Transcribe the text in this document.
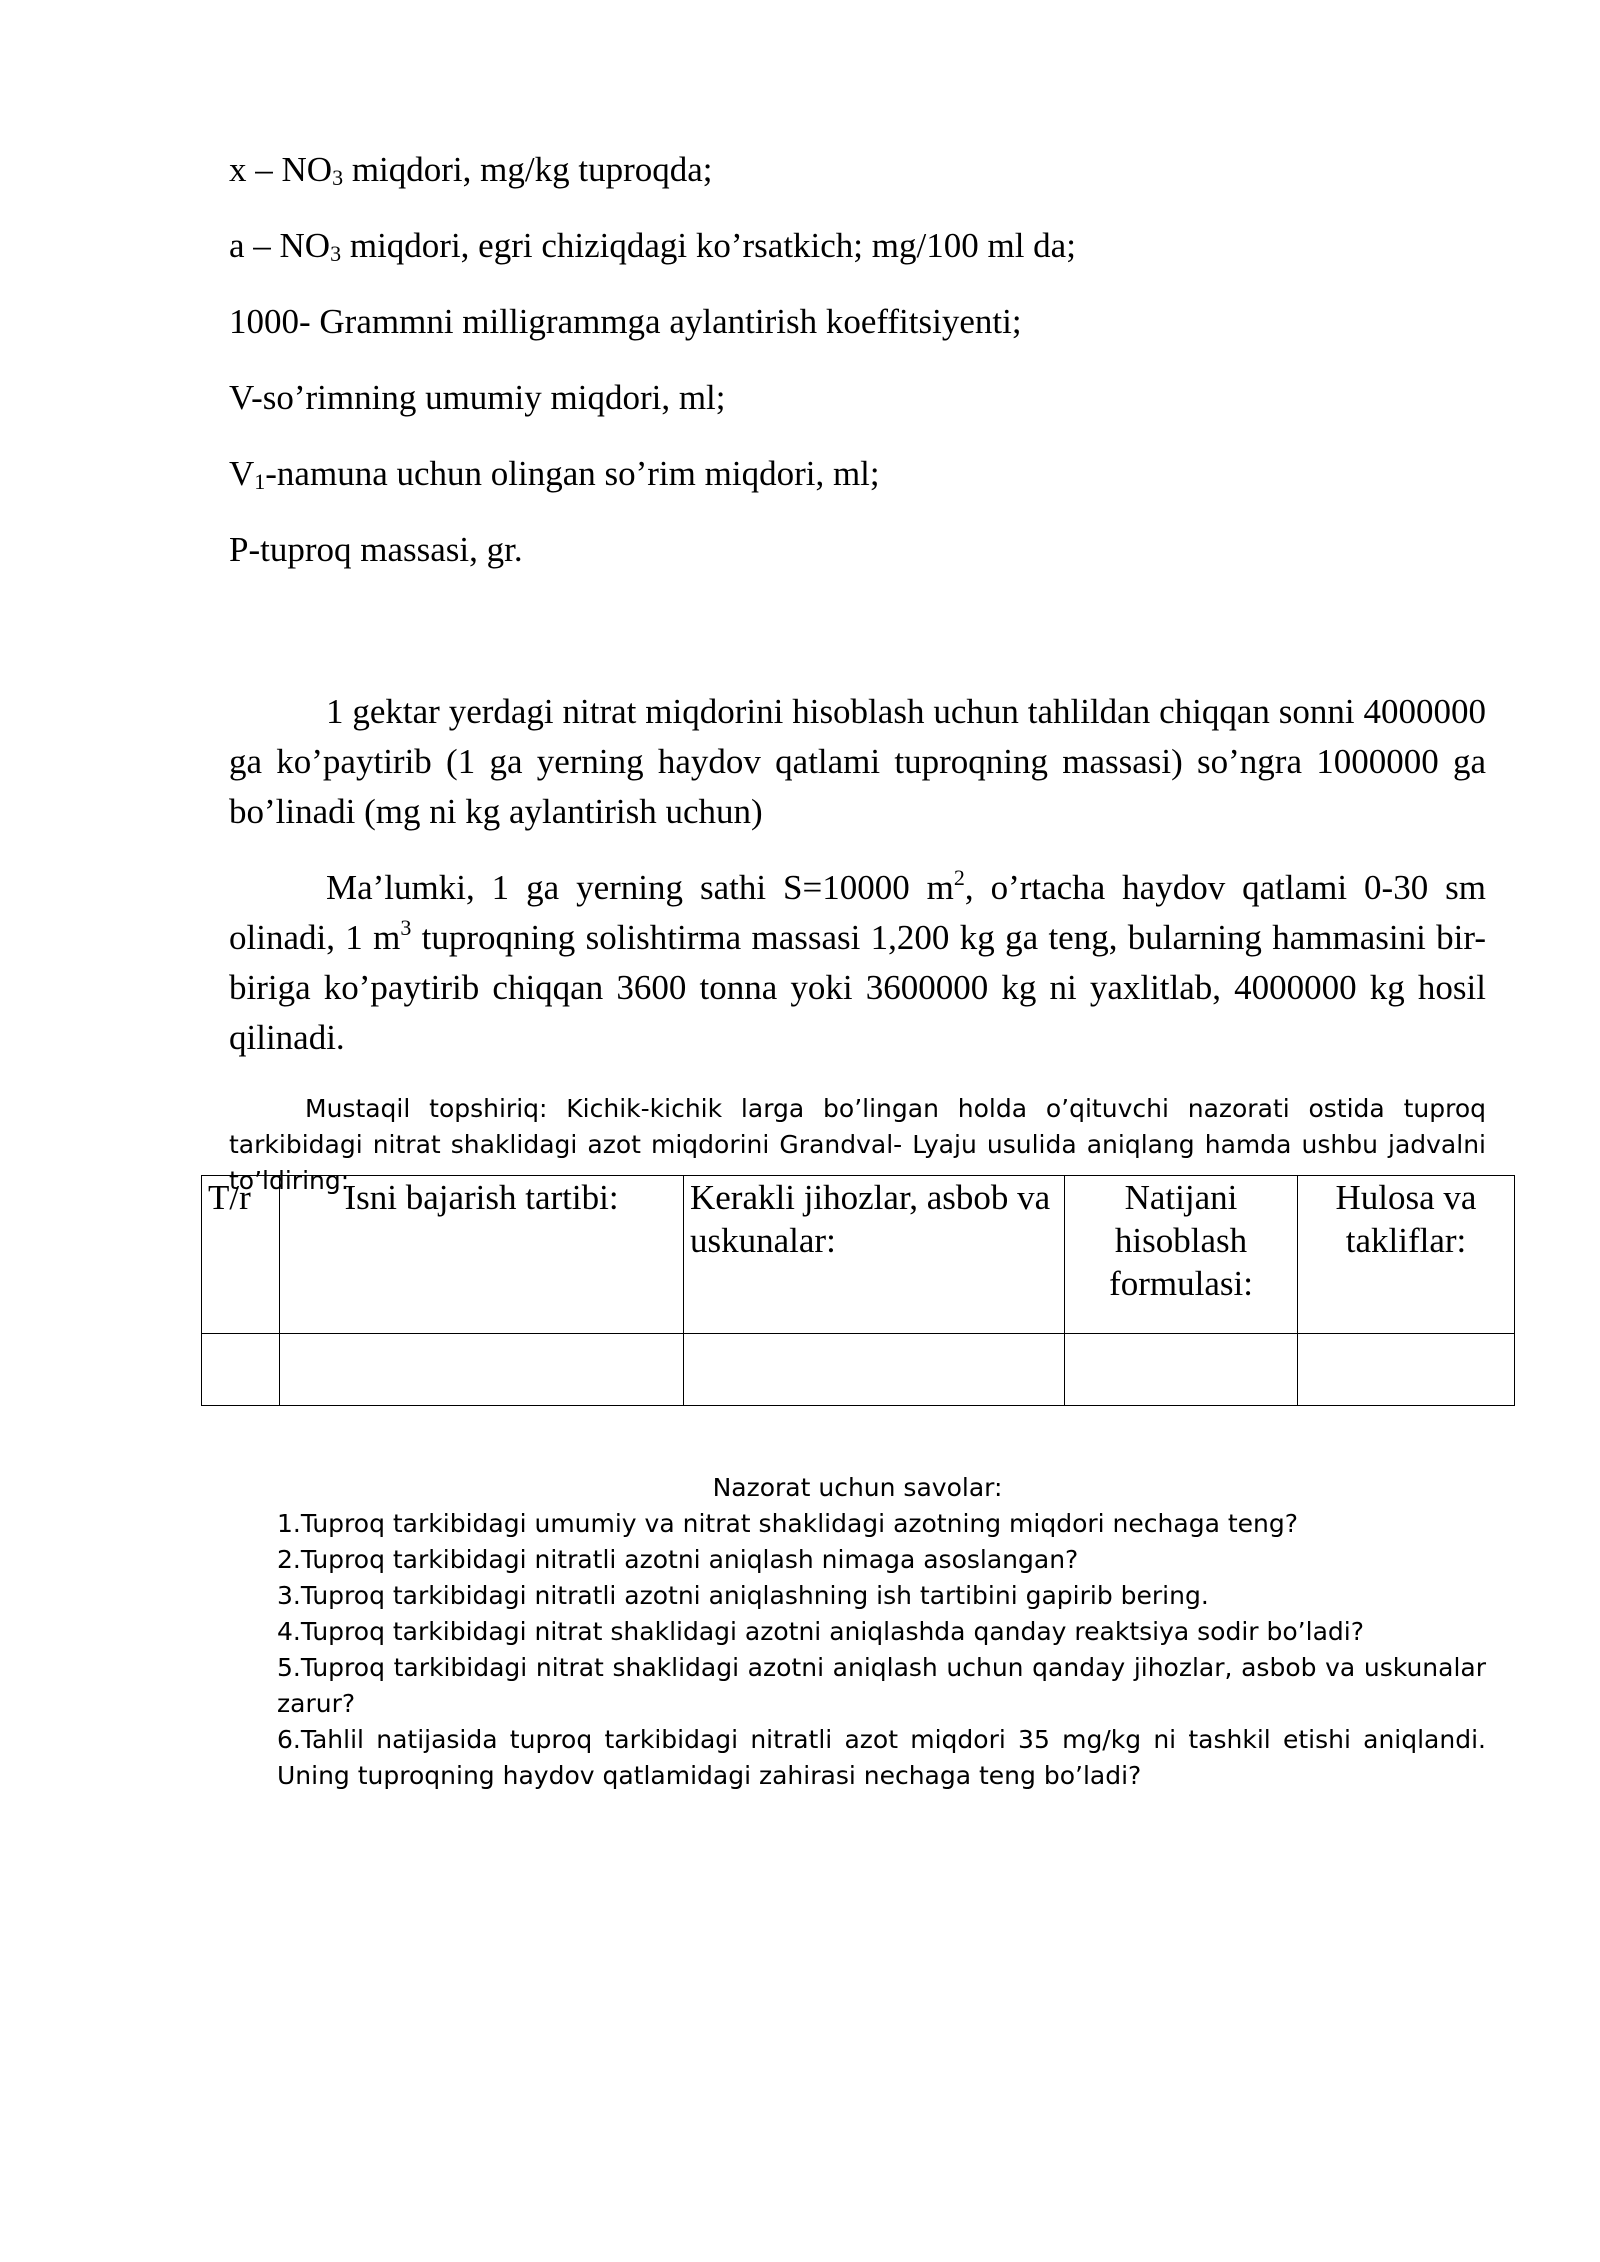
x – $NO_3$ miqdori, mg/kg tuproqda;
a – $NO_3$ miqdori, egri chiziqdagi ko’rsatkich; mg/100 ml da;
1000- Grammni milligrammga aylantirish koeffitsiyenti;
V-so’rimning umumiy miqdori, ml;
$V_1$-namuna uchun olingan so’rim miqdori, ml;
P-tuproq massasi, gr.

1 gektar yerdagi nitrat miqdorini hisoblash uchun tahlildan chiqqan sonni 4000000 ga ko’paytirib (1 ga yerning haydov qatlami tuproqning massasi) so’ngra 1000000 ga bo’linadi (mg ni kg aylantirish uchun)

Ma’lumki, 1 ga yerning sathi S=10000 $m^2$, o’rtacha haydov qatlami 0-30 sm olinadi, 1 $m^3$ tuproqning solishtirma massasi 1,200 kg ga teng, bularning hammasini bir-biriga ko’paytirib chiqqan 3600 tonna yoki 3600000 kg ni yaxlitlab, 4000000 kg hosil qilinadi.

Mustaqil topshiriq: Kichik-kichik larga bo’lingan holda o’qituvchi nazorati ostida tuproq tarkibidagi nitrat shaklidagi azot miqdorini Grandval- Lyaju usulida aniqlang hamda ushbu jadvalni to’ldiring:

T/r	Isni bajarish tartibi:	Kerakli jihozlar, asbob va uskunalar:	Natijani hisoblash formulasi:	Hulosa va takliflar:

Nazorat uchun savolar:

1.Tuproq tarkibidagi umumiy va nitrat shaklidagi azotning miqdori nechaga teng?
2.Tuproq tarkibidagi nitratli azotni aniqlash nimaga asoslangan?
3.Tuproq tarkibidagi nitratli azotni aniqlashning ish tartibini gapirib bering.
4.Tuproq tarkibidagi nitrat shaklidagi azotni aniqlashda qanday reaktsiya sodir bo’ladi?
5.Tuproq tarkibidagi nitrat shaklidagi azotni aniqlash uchun qanday jihozlar, asbob va uskunalar zarur?
6.Tahlil natijasida tuproq tarkibidagi nitratli azot miqdori 35 mg/kg ni tashkil etishi aniqlandi. Uning tuproqning haydov qatlamidagi zahirasi nechaga teng bo’ladi?
